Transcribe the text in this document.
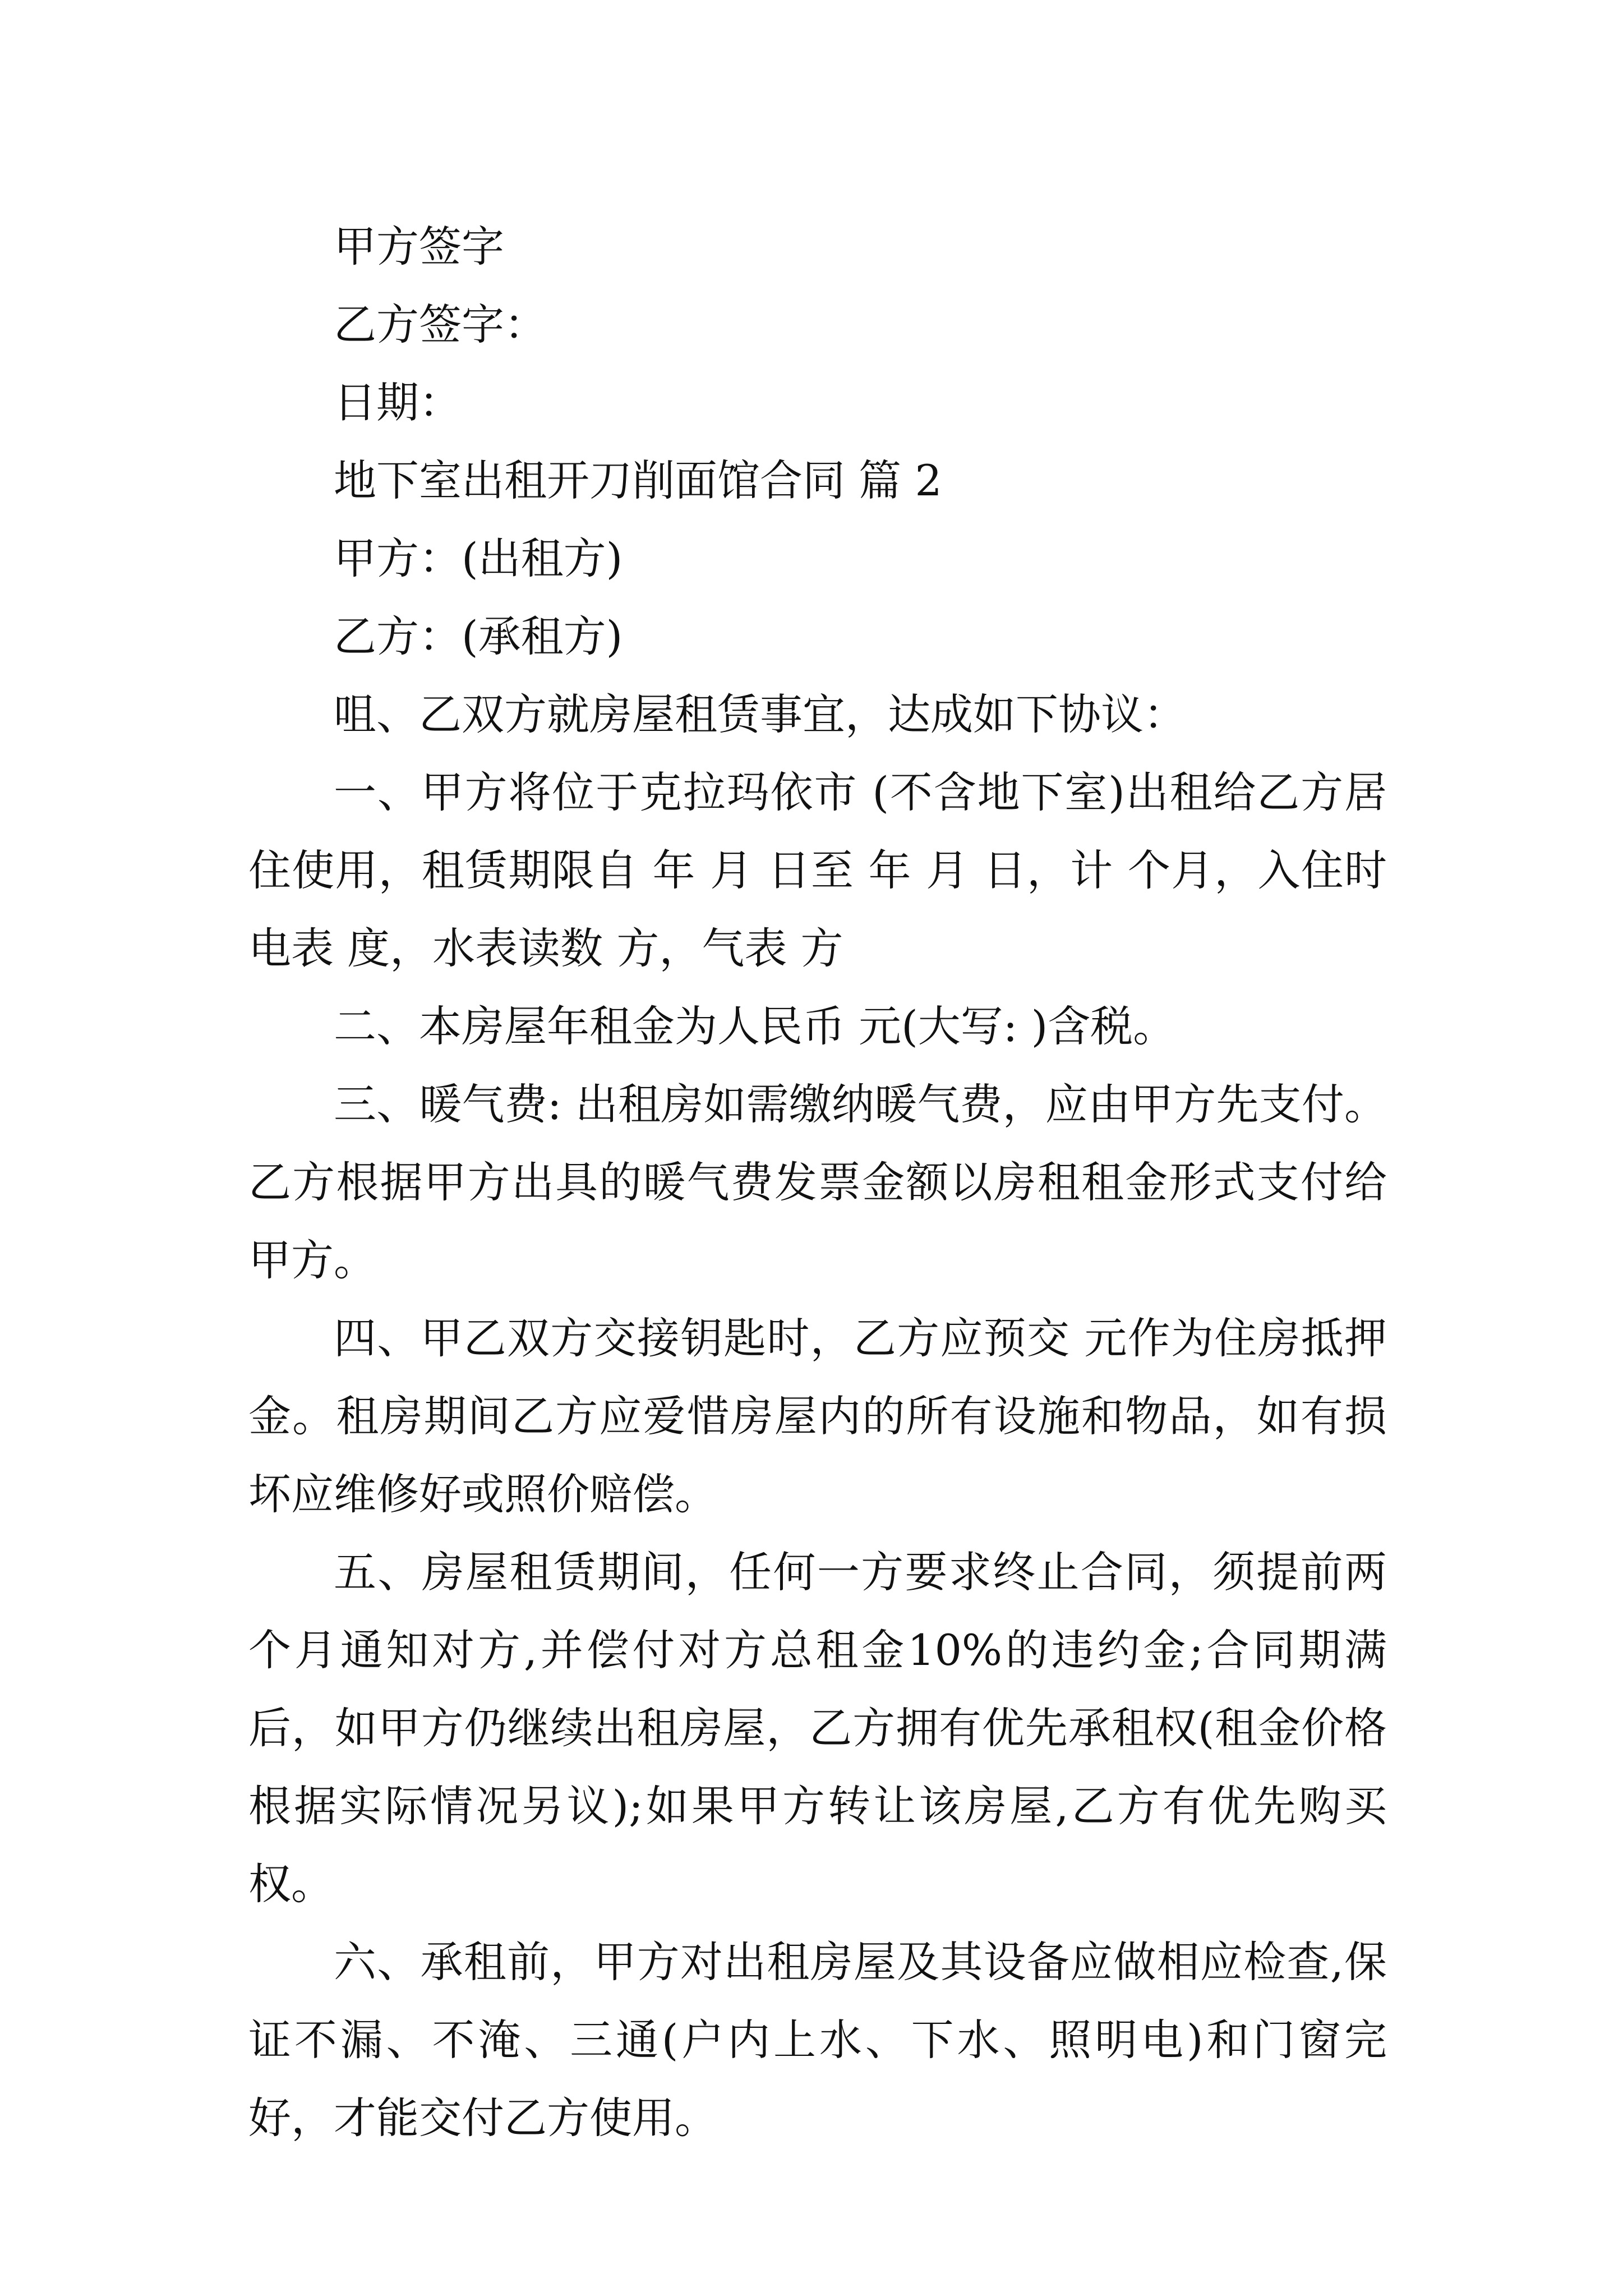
甲方签字

乙方签字：

日期：

地下室出租开刀削面馆合同 篇 2

甲方：(出租方)

乙方：(承租方)

咀、乙双方就房屋租赁事宜，达成如下协议：

一、甲方将位于克拉玛依市 (不含地下室)出租给乙方居住使用，租赁期限自 年 月 日至 年 月 日，计 个月，入住时电表 度，水表读数 方，气表 方

二、本房屋年租金为人民币 元(大写: )含税。

三、暖气费: 出租房如需缴纳暖气费，应由甲方先支付。乙方根据甲方出具的暖气费发票金额以房租租金形式支付给甲方。

四、甲乙双方交接钥匙时，乙方应预交 元作为住房抵押金。租房期间乙方应爱惜房屋内的所有设施和物品，如有损坏应维修好或照价赔偿。

五、房屋租赁期间，任何一方要求终止合同，须提前两个月通知对方,并偿付对方总租金10%的违约金;合同期满后，如甲方仍继续出租房屋，乙方拥有优先承租权(租金价格根据实际情况另议);如果甲方转让该房屋,乙方有优先购买权。

六、承租前，甲方对出租房屋及其设备应做相应检查,保证不漏、不淹、三通(户内上水、下水、照明电)和门窗完好，才能交付乙方使用。
